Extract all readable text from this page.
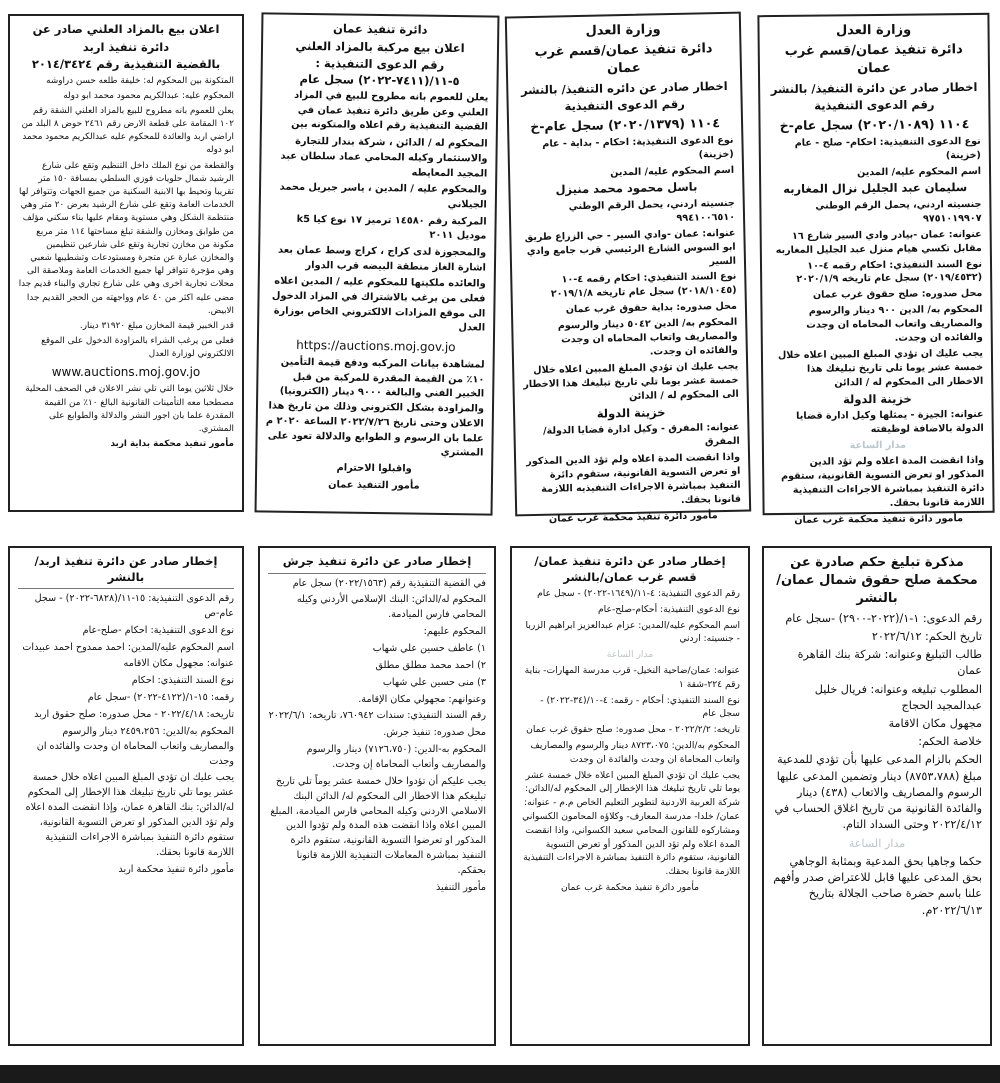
وزارة العدل

دائرة تنفيذ عمان/قسم غرب عمان

اخطار صادر عن دائرة التنفيذ/ بالنشر

رقم الدعوى التنفيذية

١١٠٤ (٢٠٢٠/١٠٨٩) سجل عام-خ

نوع الدعوى التنفيذية: احكام- صلح - عام (خزينة)

اسم المحكوم عليه/ المدين

سليمان عبد الجليل نزال المغاربه

جنسيته اردني، يحمل الرقم الوطني ٩٧٥١٠١٩٩٠٧

عنوانه: عمان -بيادر وادي السير شارع ١٦ مقابل تكسي هيام منزل عبد الجليل المغاربه

نوع السند التنفيذي: احكام رقمه ٤-١٠ (٢٠١٩/٤٥٣٢) سجل عام تاريخه ٢٠٢٠/١/٩

محل صدوره: صلح حقوق غرب عمان

المحكوم به/ الدين ٩٠٠ دينار والرسوم والمصاريف واتعاب المحاماه ان وجدت والفائده ان وجدت.

يجب عليك ان تؤدي المبلغ المبين اعلاه خلال خمسة عشر يوما تلي تاريخ تبليغك هذا الاخطار الى المحكوم له / الدائن

خزينة الدولة

عنوانه: الجيزة - يمثلها وكيل ادارة قضايا الدولة بالاضافة لوظيفته

مدار الساعة

واذا انقضت المدة اعلاه ولم تؤد الدين المذكور او تعرض التسوية القانونية، ستقوم دائرة التنفيذ بمباشرة الاجراءات التنفيذية اللازمة قانونا بحقك.

مأمور دائرة تنفيذ محكمة غرب عمان

وزارة العدل

دائرة تنفيذ عمان/قسم غرب عمان

اخطار صادر عن دائره التنفيذ/ بالنشر

رقم الدعوى التنفيذية

١١٠٤ (٢٠٢٠/١٣٧٩) سجل عام-خ

نوع الدعوى التنفيذية: احكام - بداية - عام (خزينة)

اسم المحكوم عليه/ المدين

باسل محمود محمد منيزل

جنسيته اردني، يحمل الرقم الوطني ٩٩٤١٠٠٦٥١٠

عنوانه: عمان -وادي السير - حي الزراع طريق ابو السوس الشارع الرئيسي قرب جامع وادي السير

نوع السند التنفيذي: احكام رقمه ٤-١٠ (٢٠١٨/١٠٤٥) سجل عام تاريخه ٢٠١٩/١/٨

محل صدوره: بداية حقوق غرب عمان

المحكوم به/ الدين ٥٠٤٢ دينار والرسوم والمصاريف واتعاب المحاماه ان وجدت والفائده ان وجدت.

يجب عليك ان تؤدي المبلغ المبين اعلاه خلال خمسة عشر يوما تلي تاريخ تبليغك هذا الاخطار الى المحكوم له / الدائن

خزينة الدولة

عنوانه: المفرق - وكيل ادارة قضايا الدولة/ المفرق

واذا انقضت المدة اعلاه ولم تؤد الدين المذكور او تعرض التسوية القانونية، ستقوم دائرة التنفيذ بمباشرة الاجراءات التنفيذيه اللازمة قانونا بحقك.

مأمور دائرة تنفيذ محكمة غرب عمان

دائرة تنفيذ عمان

اعلان بيع مركبة بالمزاد العلني

رقم الدعوى التنفيذية : ٥-١١/(٧٤١١-٢٠٢٢) سجل عام

يعلن للعموم بانه مطروح للبيع في المزاد العلني وعن طريق دائرة تنفيذ عمان في القضية التنفيذية رقم اعلاه والمتكونه بين

المحكوم له / الدائن ، شركة بندار للتجارة والاستثمار وكيله المحامي عماد سلطان عبد المجيد المعايطه

والمحكوم عليه / المدين ، ياسر جبريل محمد الجيلاني

المركبة رقم ١٤٥٨٠ ترميز ١٧ نوع كيا k5 موديل ٢٠١١

والمحجوزة لدى كراج ، كراج وسط عمان بعد اشارة الغاز منطقة البيضه قرب الدوار

والعائده ملكيتها للمحكوم عليه / المدين اعلاه فعلى من يرغب بالاشتراك في المزاد الدخول الى موقع المزادات الالكتروني الخاص بوزارة العدل

https://auctions.moj.gov.jo

لمشاهدة بيانات المركبه ودفع قيمة التأمين ١٠٪ من القيمة المقدرة للمركبة من قبل الخبير الفني والبالغة ٩٠٠٠ دينار (الكترونيا) والمزاودة بشكل الكتروني وذلك من تاريخ هذا الاعلان وحتى تاريخ ٢٠٢٢/٧/٢٦ الساعة ٢٠٢٠ م علما بان الرسوم و الطوابع والدلالة تعود على المشتري

واقبلوا الاحترام

مأمور التنفيذ عمان

اعلان بيع بالمزاد العلني صادر عن

دائرة تنفيذ اربد

بالقضية التنفيذية رقم ٢٠١٤/٣٤٢٤

المتكونة بين المحكوم له: خليفة طلعه حسن دراوشه

المحكوم عليه: عبدالكريم محمود محمد ابو دوله

يعلن للعموم بانه مطروح للبيع بالمزاد العلني الشقة رقم ١٠٢ المقامة على قطعة الارض رقم ٢٤٦١ حوض ٨ البلد من اراضي اربد والعائدة للمحكوم عليه عبدالكريم محمود محمد ابو دوله

والقطعة من نوع الملك داخل التنظيم وتقع على شارع الرشيد شمال حلويات فوزي السلطي بمسافة ١٥٠ متر تقريبا وتحيط بها الابنية السكنية من جميع الجهات وتتوافر لها الخدمات العامة وتقع على شارع الرشيد بعرض ٢٠ متر وهي منتظمة الشكل وهي مستوية ومقام عليها بناء سكني مؤلف من طوابق ومخازن والشقة تبلغ مساحتها ١١٤ متر مربع مكونة من مخازن تجارية وتقع على شارعين تنظيمين والمخازن عبارة عن متجرة ومستودعات وتشطيبها شعبي وهي مؤجرة تتوافر لها جميع الخدمات العامة وملاصقة الى محلات تجارية اخرى وهي على شارع تجاري والبناء قديم جدا مضى عليه اكثر من ٤٠ عام وواجهته من الحجر القديم جدا الابيض.

قدر الخبير قيمة المخازن مبلغ ٣١٩٢٠ دينار.

فعلى من يرغب الشراء بالمزاودة الدخول على الموقع الالكتروني لوزارة العدل

www.auctions.moj.gov.jo

خلال ثلاثين يوما التي تلي نشر الاعلان في الصحف المحلية مصطحبا معه التأمينات القانونية البالغ ١٠٪ من القيمة المقدرة علما بان اجور النشر والدلالة والطوابع على المشتري.

مأمور تنفيذ محكمة بداية اربد

مذكرة تبليغ حكم صادرة عن محكمة صلح حقوق شمال عمان/بالنشر

رقم الدعوى: ١-١/(٢٠٢٢-٢٩٠٠) -سجل عام

تاريخ الحكم: ٢٠٢٢/٦/١٢

طالب التبليغ وعنوانه: شركة بنك القاهرة عمان

المطلوب تبليغه وعنوانه: فريال خليل عبدالمجيد الحجاج

مجهول مكان الاقامة

خلاصة الحكم:

الحكم بالزام المدعى عليها بأن تؤدي للمدعية مبلغ (٨٧٥٣،٧٨٨) دينار وتضمين المدعى عليها الرسوم والمصاريف والاتعاب (٤٣٨) دينار والفائدة القانونية من تاريخ اغلاق الحساب في ٢٠٢٢/٤/١٢ وحتى السداد التام.

مدار الساعة

حكما وجاهيا بحق المدعية وبمثابة الوجاهي بحق المدعى عليها قابل للاعتراض صدر وأفهم علنا باسم حضرة صاحب الجلالة بتاريخ ٢٠٢٢/٦/١٣م.

إخطار صادر عن دائرة تنفيذ عمان/ قسم غرب عمان/بالنشر

رقم الدعوى التنفيذية: ٤-١١/(١٦٤٩-٢٠٢٢) - سجل عام

نوع الدعوى التنفيذية: أحكام-صلح-عام

اسم المحكوم عليه/المدين: عزام عبدالعزيز ابراهيم الزربا - جنسيته: اردني

مدار الساعة

عنوانه: عمان/ضاحية النخيل- قرب مدرسة المهارات- بناية رقم ٢٢٤-شقة ١

نوع السند التنفيذي: أحكام - رقمه: ٤-١٠/(٣٤-٢٠٢٢) - سجل عام

تاريخه: ٢٠٢٢/٢/٢ - محل صدوره: صلح حقوق غرب عمان

المحكوم به/الدين: ٨٧٢٣،٠٧٥ دينار والرسوم والمصاريف واتعاب المحاماة ان وجدت والفائدة ان وجدت

يجب عليك ان تؤدي المبلغ المبين اعلاه خلال خمسة عشر يوما تلي تاريخ تبليغك هذا الإخطار إلى المحكوم له/الدائن: شركة العربية الاردنية لتطوير التعليم الخاص م.م - عنوانه: عمان/ خلدا- مدرسة المعارف- وكلاؤه المحامون الكسواني ومشاركوه للقانون المحامي سعيد الكسواني، واذا انقضت المدة اعلاه ولم تؤد الدين المذكور أو تعرض التسوية القانونية، ستقوم دائرة التنفيذ بمباشرة الاجراءات التنفيذية اللازمة قانونا بحقك.

مأمور دائرة تنفيذ محكمة غرب عمان

إخطار صادر عن دائرة تنفيذ جرش

في القضية التنفيذية رقم (٢٠٢٢/١٥٦٣) سجل عام

المحكوم له/الدائن: البنك الإسلامي الأردني وكيله المحامي فارس الميادمة.

المحكوم عليهم:

١) عاطف حسين علي شهاب

٢) احمد محمد مطلق مطلق

٣) منى حسين علي شهاب

وعنوانهم: مجهولي مكان الإقامة.

رقم السند التنفيذي: سندات ٧٦٠٩٤٢، تاريخه: ٢٠٢٢/٦/١

محل صدوره: تنفيذ جرش.

المحكوم به-الدين: (٧١٢٦،٧٥٠) دينار والرسوم والمصاريف وأتعاب المحاماة إن وجدت.

يجب عليكم أن تؤدوا خلال خمسة عشر يوماً تلي تاريخ تبليغكم هذا الاخطار الى المحكوم له/ الدائن البنك الاسلامي الاردني وكيله المحامي فارس الميادمة، المبلغ المبين اعلاه واذا انقضت هذه المدة ولم تؤدوا الدين المذكور او تعرضوا التسوية القانونية، ستقوم دائرة التنفيذ بمباشرة المعاملات التنفيذية اللازمة قانونا بحقكم.

مأمور التنفيذ

إخطار صادر عن دائرة تنفيذ اربد/بالنشر

رقم الدعوى التنفيذية: ١٥-١١/(٦٨٢٨-٢٠٢٢) - سجل عام-ص

نوع الدعوى التنفيذية: احكام -صلح-عام

اسم المحكوم عليه/المدين: احمد ممدوح احمد عبيدات

عنوانه: مجهول مكان الاقامه

نوع السند التنفيذي: احكام

رقمه: ١٥-١/(٤١٢٢-٢٠٢٢) -سجل عام

تاريخه: ٢٠٢٢/٤/١٨ - محل صدوره: صلح حقوق اربد

المحكوم به/الدين: ٢٤٥٩،٢٥٦ دينار والرسوم والمصاريف واتعاب المحاماة ان وجدت والفائده ان وجدت

يجب عليك ان تؤدي المبلغ المبين اعلاه خلال خمسة عشر يوما تلي تاريخ تبليغك هذا الإخطار إلى المحكوم له/الدائن: بنك القاهرة عمان، وإذا انقضت المدة اعلاه ولم تؤد الدين المذكور او تعرض التسوية القانونية، ستقوم دائرة التنفيذ بمباشرة الاجراءات التنفيذية اللازمة قانونا بحقك.

مأمور دائرة تنفيذ محكمة اربد
